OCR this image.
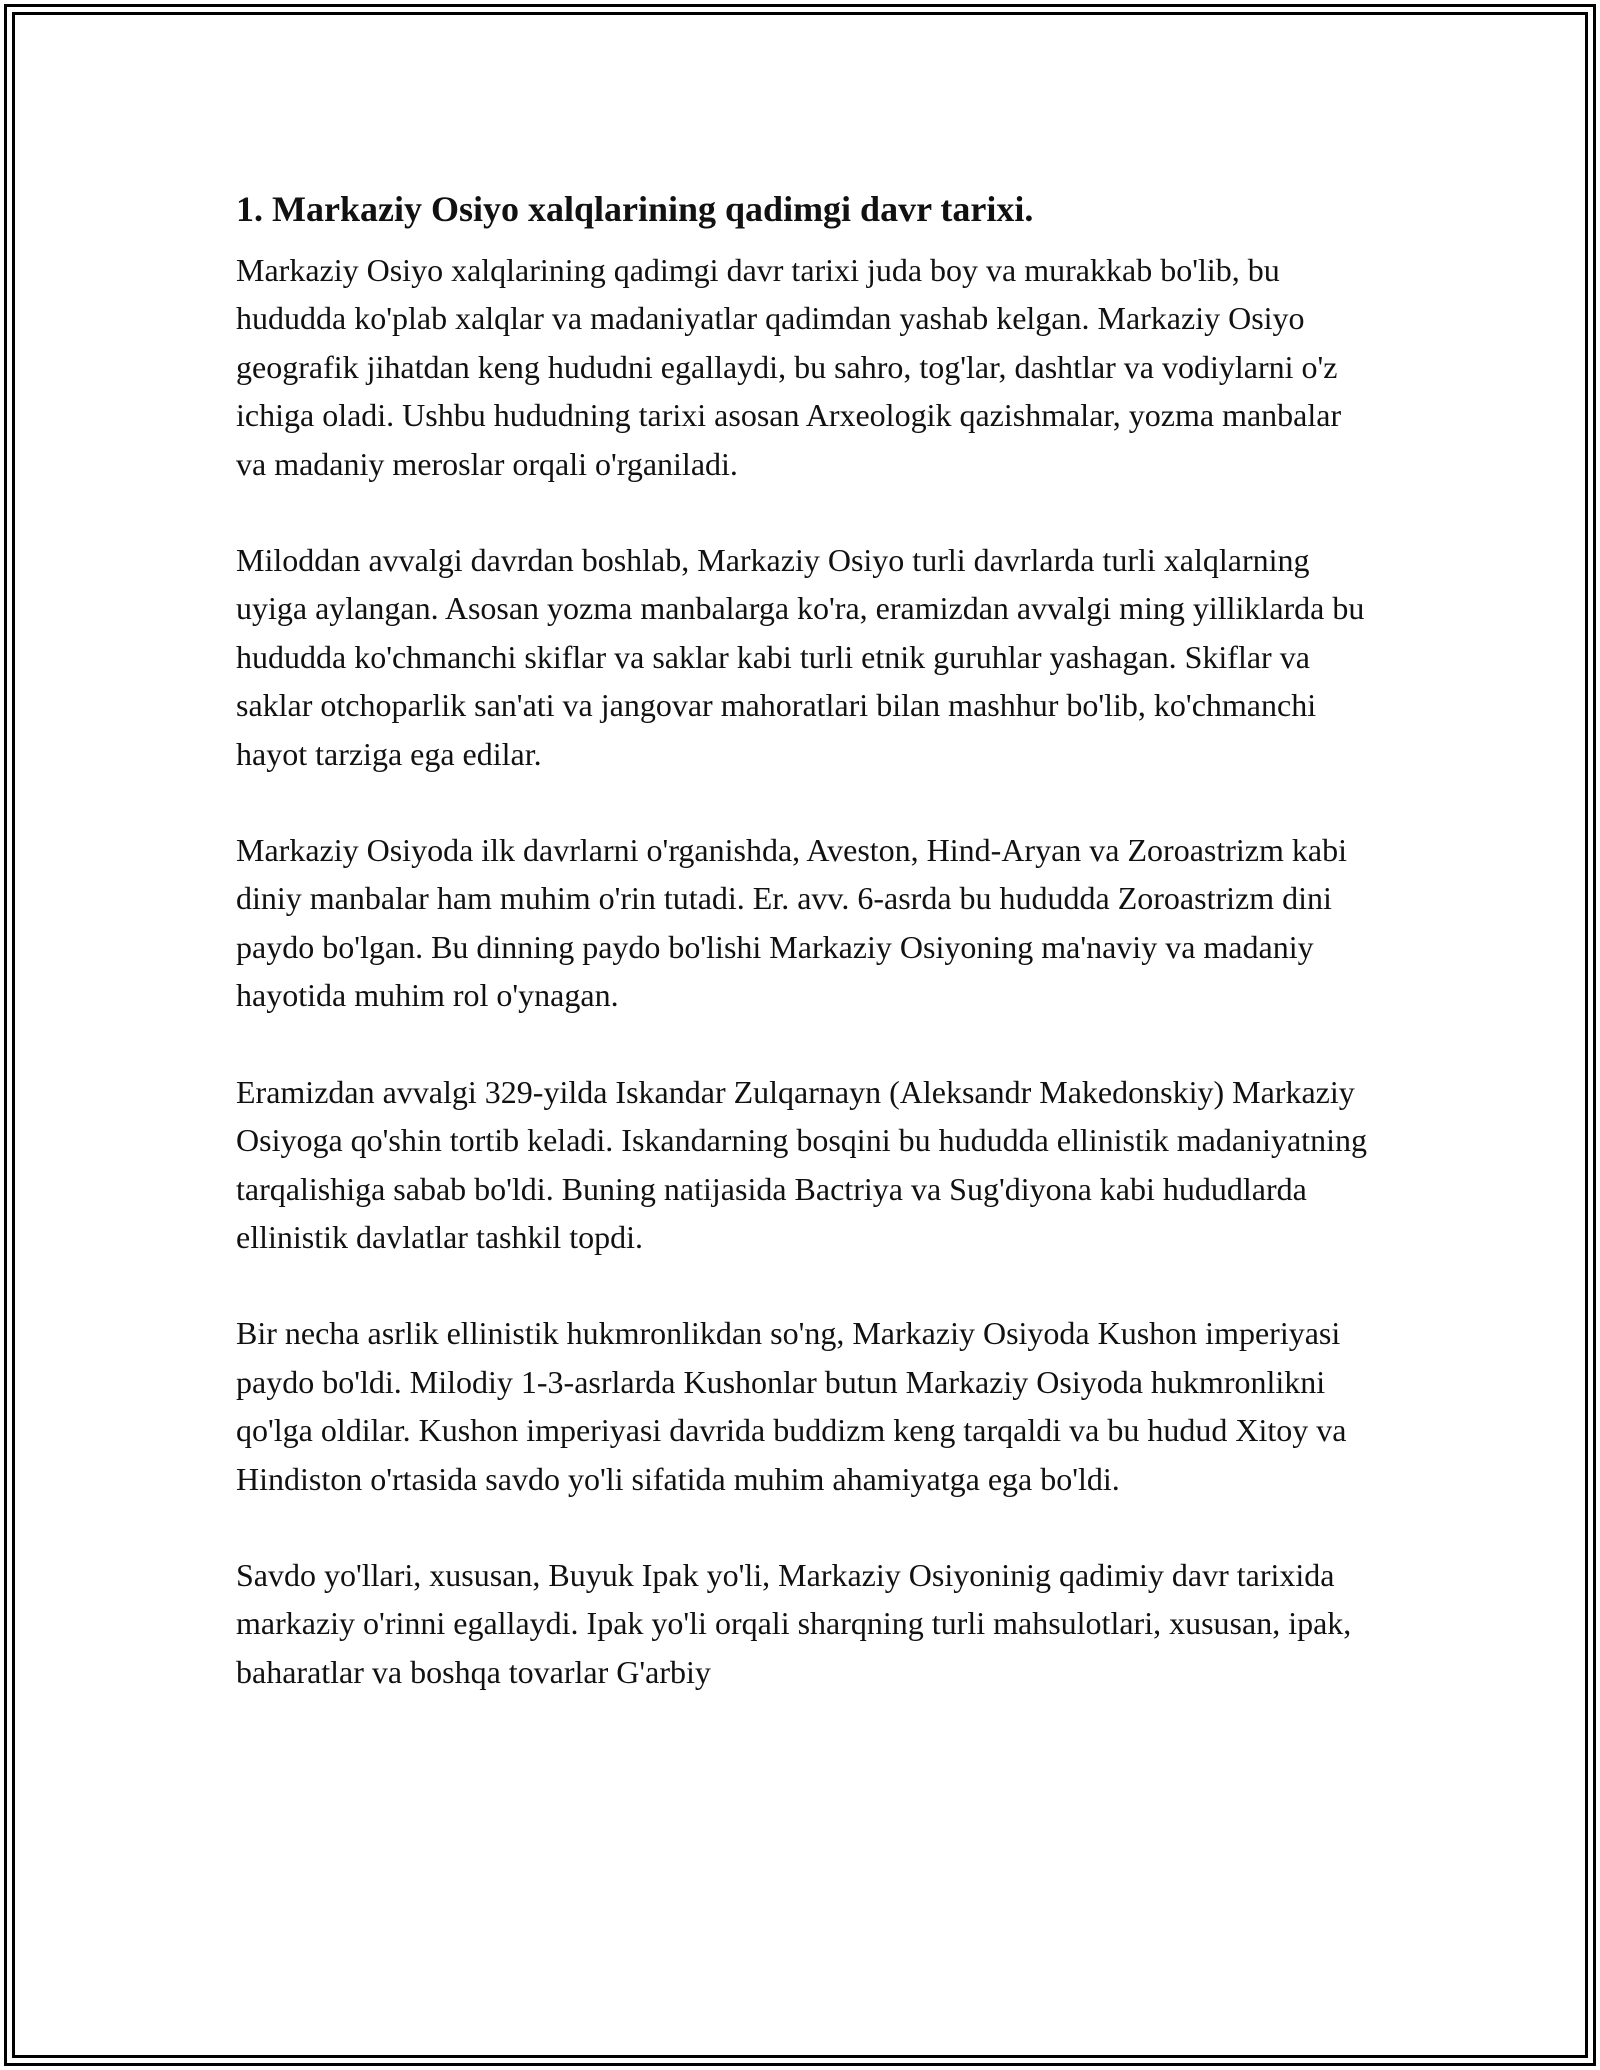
1. Markaziy Osiyo xalqlarining qadimgi davr tarixi.

Markaziy Osiyo xalqlarining qadimgi davr tarixi juda boy va murakkab bo'lib, bu hududda ko'plab xalqlar va madaniyatlar qadimdan yashab kelgan. Markaziy Osiyo geografik jihatdan keng hududni egallaydi, bu sahro, tog'lar, dashtlar va vodiylarni o'z ichiga oladi. Ushbu hududning tarixi asosan Arxeologik qazishmalar, yozma manbalar va madaniy meroslar orqali o'rganiladi.

Miloddan avvalgi davrdan boshlab, Markaziy Osiyo turli davrlarda turli xalqlarning uyiga aylangan. Asosan yozma manbalarga ko'ra, eramizdan avvalgi ming yilliklarda bu hududda ko'chmanchi skiflar va saklar kabi turli etnik guruhlar yashagan. Skiflar va saklar otchoparlik san'ati va jangovar mahoratlari bilan mashhur bo'lib, ko'chmanchi hayot tarziga ega edilar.

Markaziy Osiyoda ilk davrlarni o'rganishda, Aveston, Hind-Aryan va Zoroastrizm kabi diniy manbalar ham muhim o'rin tutadi. Er. avv. 6-asrda bu hududda Zoroastrizm dini paydo bo'lgan. Bu dinning paydo bo'lishi Markaziy Osiyoning ma'naviy va madaniy hayotida muhim rol o'ynagan.

Eramizdan avvalgi 329-yilda Iskandar Zulqarnayn (Aleksandr Makedonskiy) Markaziy Osiyoga qo'shin tortib keladi. Iskandarning bosqini bu hududda ellinistik madaniyatning tarqalishiga sabab bo'ldi. Buning natijasida Bactriya va Sug'diyona kabi hududlarda ellinistik davlatlar tashkil topdi.

Bir necha asrlik ellinistik hukmronlikdan so'ng, Markaziy Osiyoda Kushon imperiyasi paydo bo'ldi. Milodiy 1-3-asrlarda Kushonlar butun Markaziy Osiyoda hukmronlikni qo'lga oldilar. Kushon imperiyasi davrida buddizm keng tarqaldi va bu hudud Xitoy va Hindiston o'rtasida savdo yo'li sifatida muhim ahamiyatga ega bo'ldi.

Savdo yo'llari, xususan, Buyuk Ipak yo'li, Markaziy Osiyoninig qadimiy davr tarixida markaziy o'rinni egallaydi. Ipak yo'li orqali sharqning turli mahsulotlari, xususan, ipak, baharatlar va boshqa tovarlar G'arbiy
